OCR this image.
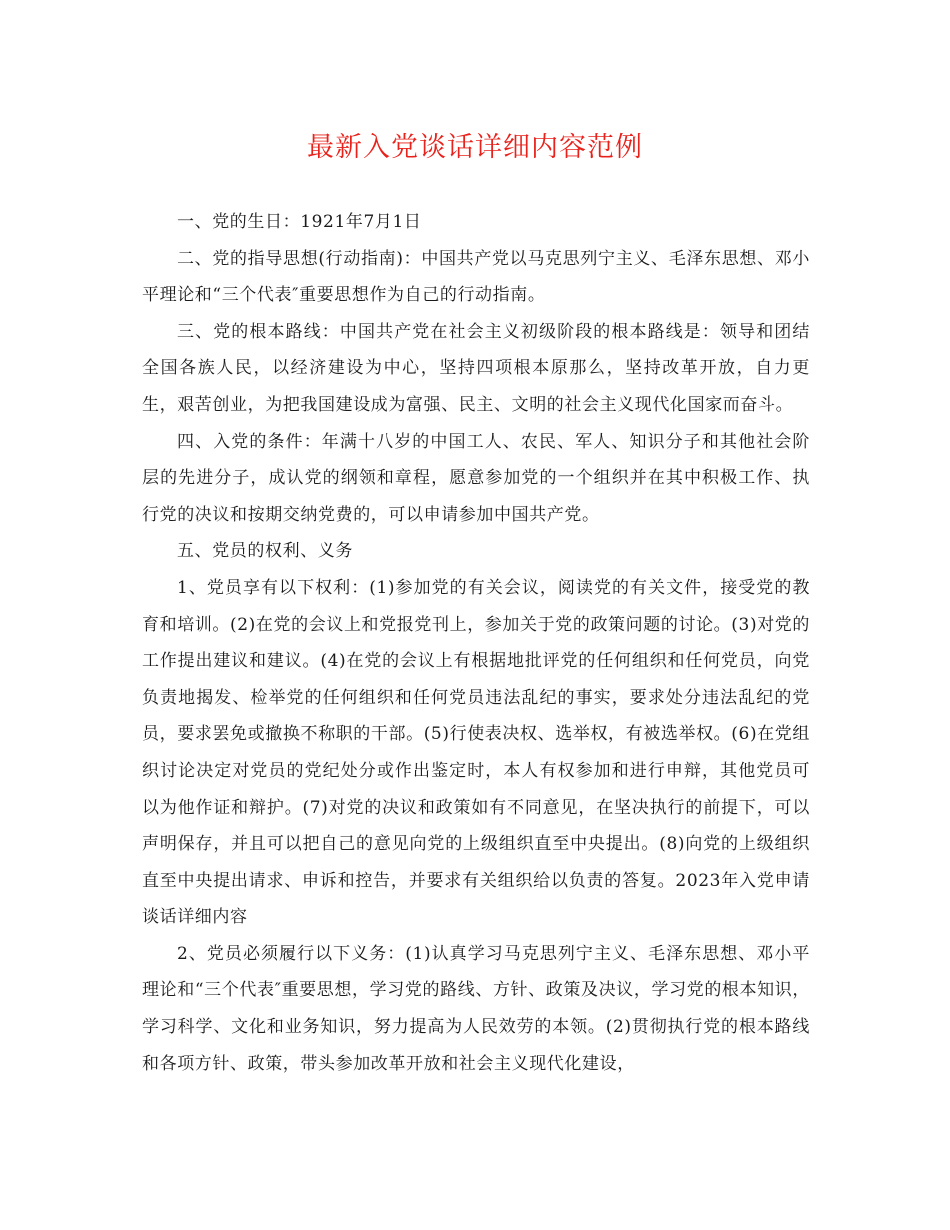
最新入党谈话详细内容范例

一、党的生日：1921年7月1日

二、党的指导思想(行动指南)：中国共产党以马克思列宁主义、毛泽东思想、邓小平理论和“三个代表″重要思想作为自己的行动指南。

三、党的根本路线：中国共产党在社会主义初级阶段的根本路线是：领导和团结全国各族人民，以经济建设为中心，坚持四项根本原那么，坚持改革开放，自力更生，艰苦创业，为把我国建设成为富强、民主、文明的社会主义现代化国家而奋斗。

四、入党的条件：年满十八岁的中国工人、农民、军人、知识分子和其他社会阶层的先进分子，成认党的纲领和章程，愿意参加党的一个组织并在其中积极工作、执行党的决议和按期交纳党费的，可以申请参加中国共产党。

五、党员的权利、义务

1、党员享有以下权利：(1)参加党的有关会议，阅读党的有关文件，接受党的教育和培训。(2)在党的会议上和党报党刊上，参加关于党的政策问题的讨论。(3)对党的工作提出建议和建议。(4)在党的会议上有根据地批评党的任何组织和任何党员，向党负责地揭发、检举党的任何组织和任何党员违法乱纪的事实，要求处分违法乱纪的党员，要求罢免或撤换不称职的干部。(5)行使表决权、选举权，有被选举权。(6)在党组织讨论决定对党员的党纪处分或作出鉴定时，本人有权参加和进行申辩，其他党员可以为他作证和辩护。(7)对党的决议和政策如有不同意见，在坚决执行的前提下，可以声明保存，并且可以把自己的意见向党的上级组织直至中央提出。(8)向党的上级组织直至中央提出请求、申诉和控告，并要求有关组织给以负责的答复。2023年入党申请谈话详细内容

2、党员必须履行以下义务：(1)认真学习马克思列宁主义、毛泽东思想、邓小平理论和“三个代表″重要思想，学习党的路线、方针、政策及决议，学习党的根本知识，学习科学、文化和业务知识，努力提高为人民效劳的本领。(2)贯彻执行党的根本路线和各项方针、政策，带头参加改革开放和社会主义现代化建设，
